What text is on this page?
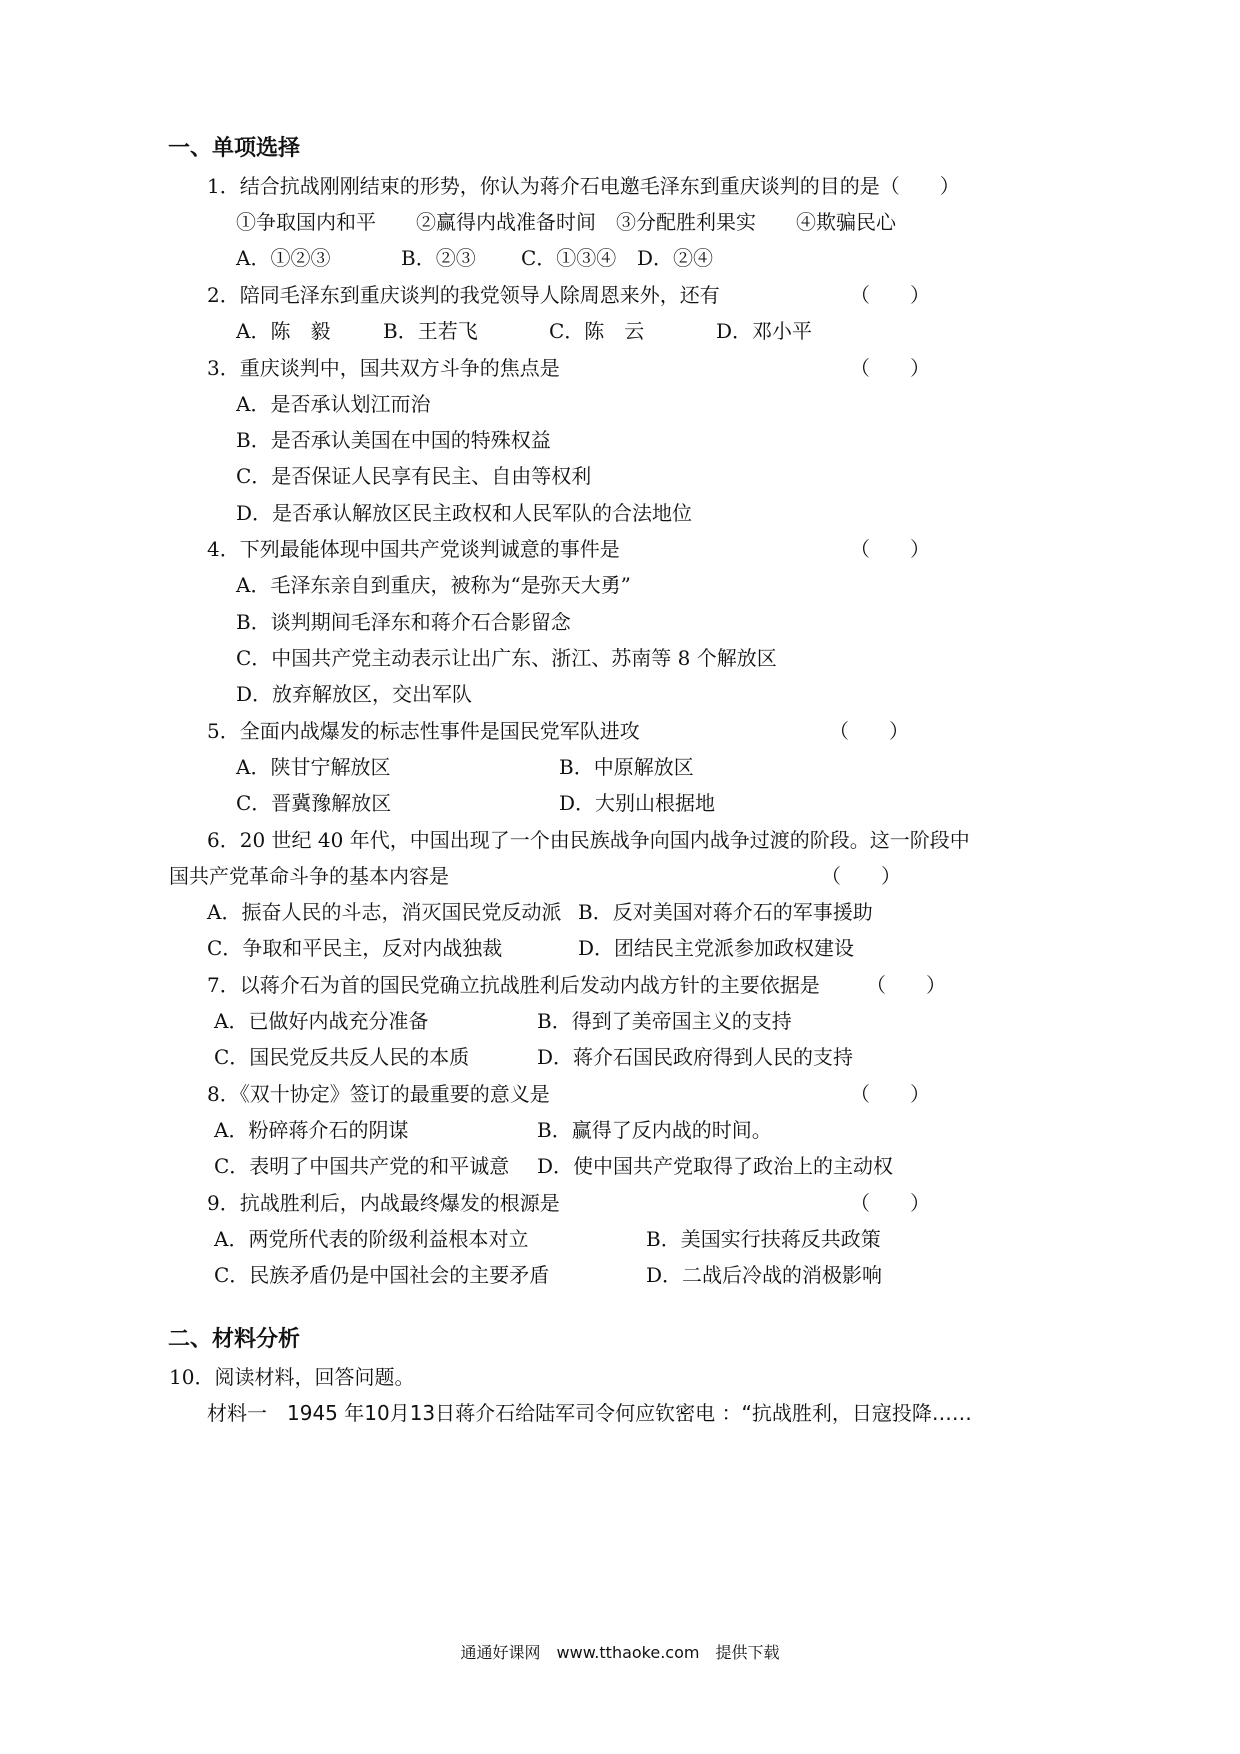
一、单项选择
1．结合抗战刚刚结束的形势，你认为蒋介石电邀毛泽东到重庆谈判的目的是（　　）
①争取国内和平　　②赢得内战准备时间　③分配胜利果实　　④欺骗民心
A．①②③	B．②③ C．①③④ D．②④
2．陪同毛泽东到重庆谈判的我党领导人除周恩来外，还有	（　　）
A．陈　毅	B．王若飞	C．陈　云	D．邓小平
3．重庆谈判中，国共双方斗争的焦点是	（　　）
A．是否承认划江而治
B．是否承认美国在中国的特殊权益
C．是否保证人民享有民主、自由等权利
D．是否承认解放区民主政权和人民军队的合法地位
4．下列最能体现中国共产党谈判诚意的事件是	（　　）
A．毛泽东亲自到重庆，被称为“是弥天大勇”
B．谈判期间毛泽东和蒋介石合影留念
C．中国共产党主动表示让出广东、浙江、苏南等 8 个解放区
D．放弃解放区，交出军队
5．全面内战爆发的标志性事件是国民党军队进攻	（　　）
A．陕甘宁解放区	B．中原解放区
C．晋冀豫解放区	D．大别山根据地
6．20 世纪 40 年代，中国出现了一个由民族战争向国内战争过渡的阶段。这一阶段中
国共产党革命斗争的基本内容是	（　　）
A．振奋人民的斗志，消灭国民党反动派 B．反对美国对蒋介石的军事援助
C．争取和平民主，反对内战独裁	D．团结民主党派参加政权建设
7．以蒋介石为首的国民党确立抗战胜利后发动内战方针的主要依据是 （　　）
A．已做好内战充分准备	B．得到了美帝国主义的支持
C．国民党反共反人民的本质	D．蒋介石国民政府得到人民的支持
8．《双十协定》签订的最重要的意义是	（　　）
A．粉碎蒋介石的阴谋	B．赢得了反内战的时间。
C．表明了中国共产党的和平诚意 D．使中国共产党取得了政治上的主动权
9．抗战胜利后，内战最终爆发的根源是	（　　）
A．两党所代表的阶级利益根本对立	B．美国实行扶蒋反共政策
C．民族矛盾仍是中国社会的主要矛盾	D．二战后冷战的消极影响
二、材料分析
10．阅读材料，回答问题。
材料一　1945 年10月13日蒋介石给陆军司令何应钦密电 ：“抗战胜利，日寇投降……
通通好课网　www.tthaoke.com　提供下载
